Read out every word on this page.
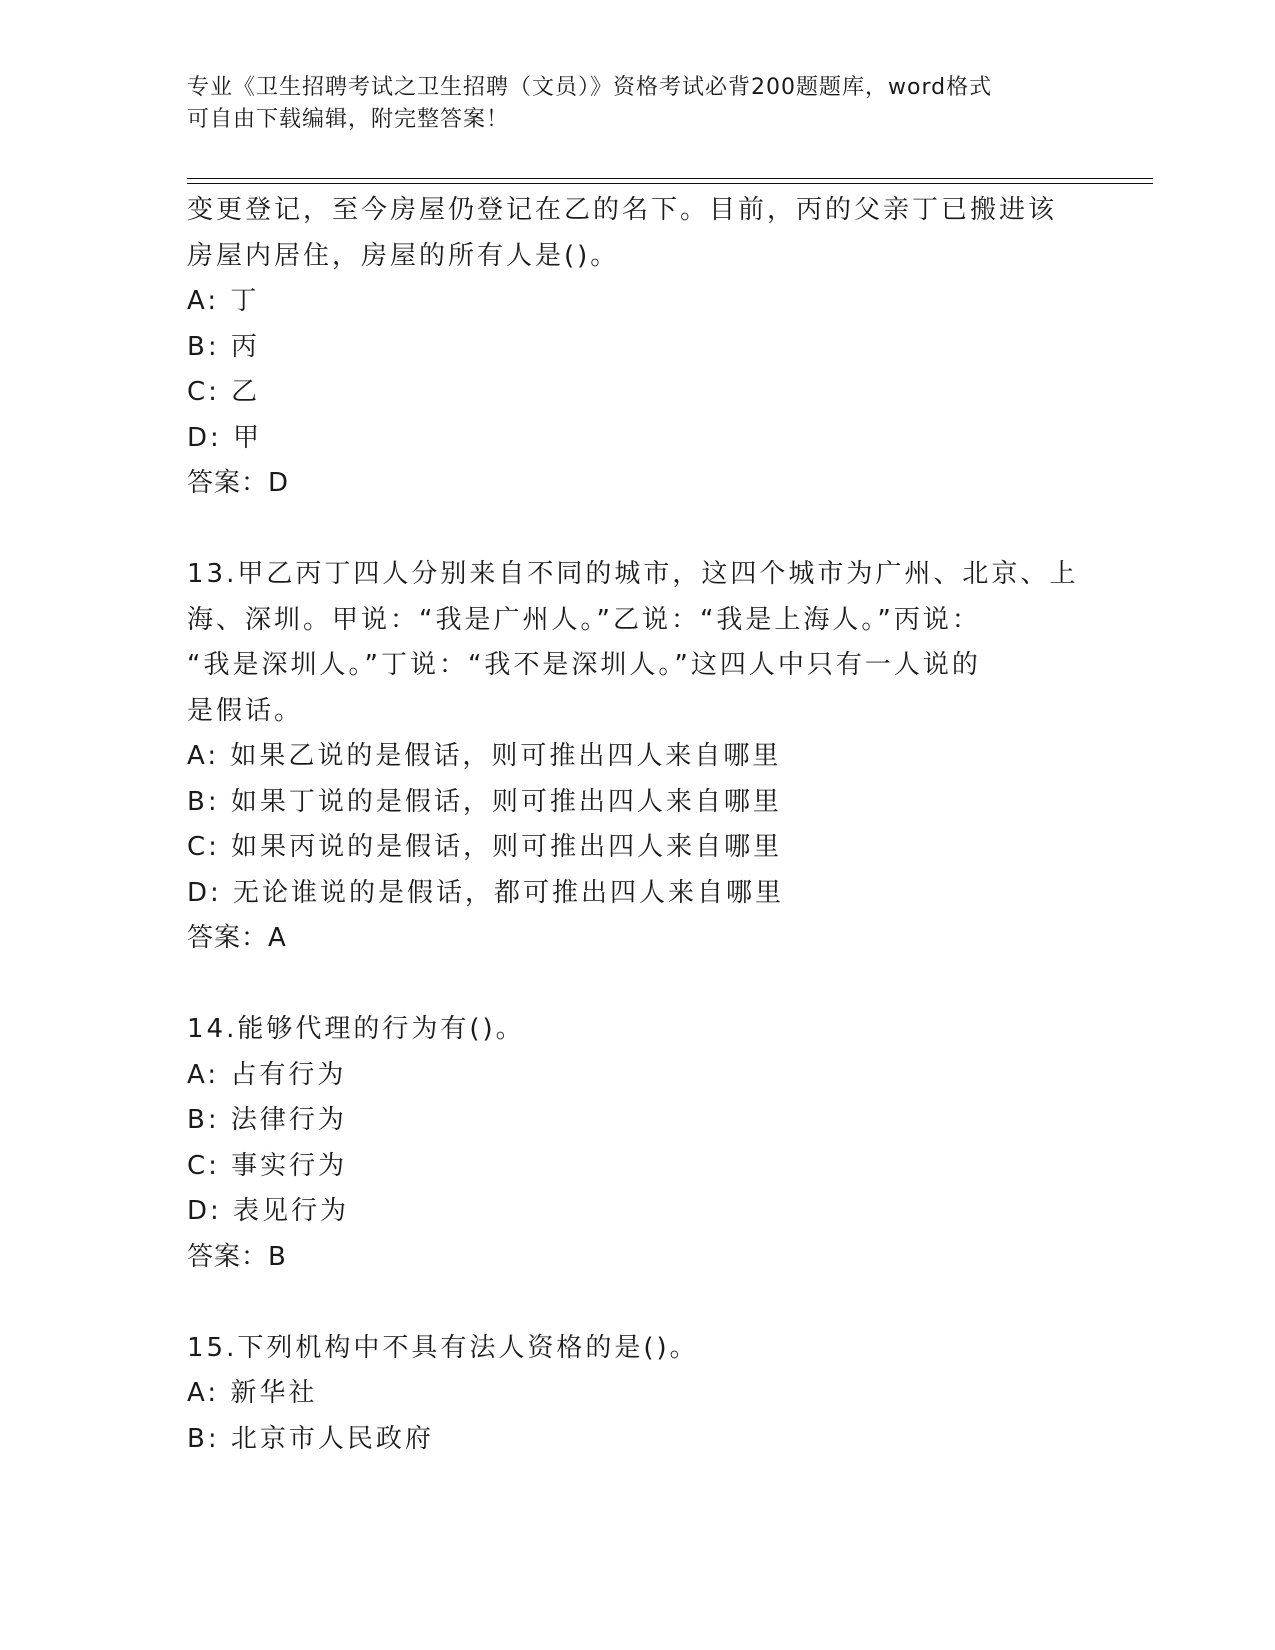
专业《卫生招聘考试之卫生招聘（文员）》资格考试必背200题题库，word格式
可自由下载编辑，附完整答案！
变更登记，至今房屋仍登记在乙的名下。目前，丙的父亲丁已搬进该
房屋内居住，房屋的所有人是()。
A: 丁
B: 丙
C: 乙
D: 甲
答案：D
13.甲乙丙丁四人分别来自不同的城市，这四个城市为广州、北京、上
海、深圳。甲说：“我是广州人。”乙说：“我是上海人。”丙说：
“我是深圳人。”丁说：“我不是深圳人。”这四人中只有一人说的
是假话。
A: 如果乙说的是假话，则可推出四人来自哪里
B: 如果丁说的是假话，则可推出四人来自哪里
C: 如果丙说的是假话，则可推出四人来自哪里
D: 无论谁说的是假话，都可推出四人来自哪里
答案：A
14.能够代理的行为有()。
A: 占有行为
B: 法律行为
C: 事实行为
D: 表见行为
答案：B
15.下列机构中不具有法人资格的是()。
A: 新华社
B: 北京市人民政府
